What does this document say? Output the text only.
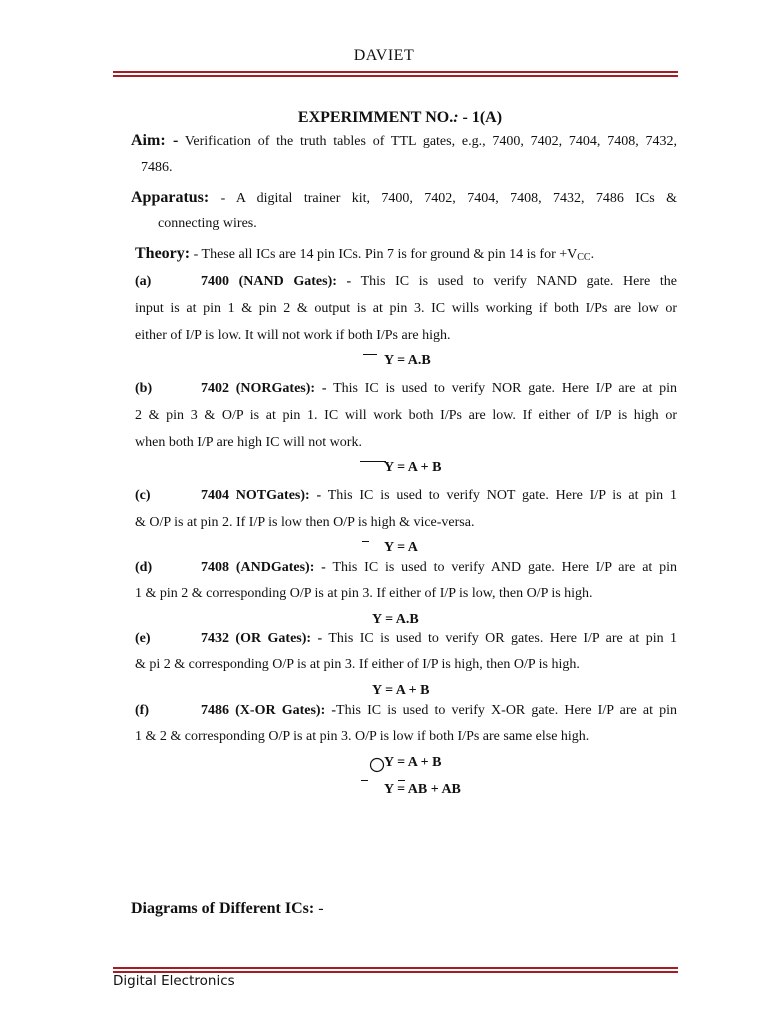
DAVIET
EXPERIMMENT NO.: - 1(A)
Aim: - Verification of the truth tables of TTL gates, e.g., 7400, 7402, 7404, 7408, 7432,
7486.
Apparatus: - A digital trainer kit, 7400, 7402, 7404, 7408, 7432, 7486 ICs &
connecting wires.
Theory: - These all ICs are 14 pin ICs. Pin 7 is for ground & pin 14 is for $+V_{CC}$.
(a)	7400 (NAND Gates): - This IC is used to verify NAND gate. Here the
input is at pin 1 & pin 2 & output is at pin 3. IC wills working if both I/Ps are low or
either of I/P is low. It will not work if both I/Ps are high.
Y = A.B
(b)	7402 (NORGates): - This IC is used to verify NOR gate. Here I/P are at pin
2 & pin 3 & O/P is at pin 1. IC will work both I/Ps are low. If either of I/P is high or
when both I/P are high IC will not work.
Y = A + B
(c)	7404 NOTGates): - This IC is used to verify NOT gate. Here I/P is at pin 1
& O/P is at pin 2. If I/P is low then O/P is high & vice-versa.
Y = A
(d)	7408 (ANDGates): - This IC is used to verify AND gate. Here I/P are at pin
1 & pin 2 & corresponding O/P is at pin 3. If either of I/P is low, then O/P is high.
Y = A.B
(e)	7432 (OR Gates): - This IC is used to verify OR gates. Here I/P are at pin 1
& pi 2 & corresponding O/P is at pin 3. If either of I/P is high, then O/P is high.
Y = A + B
(f)	7486 (X-OR Gates): -This IC is used to verify X-OR gate. Here I/P are at pin
1 & 2 & corresponding O/P is at pin 3. O/P is low if both I/Ps are same else high.
Y = A + B
Y = AB + AB
Diagrams of Different ICs: -
Digital Electronics
